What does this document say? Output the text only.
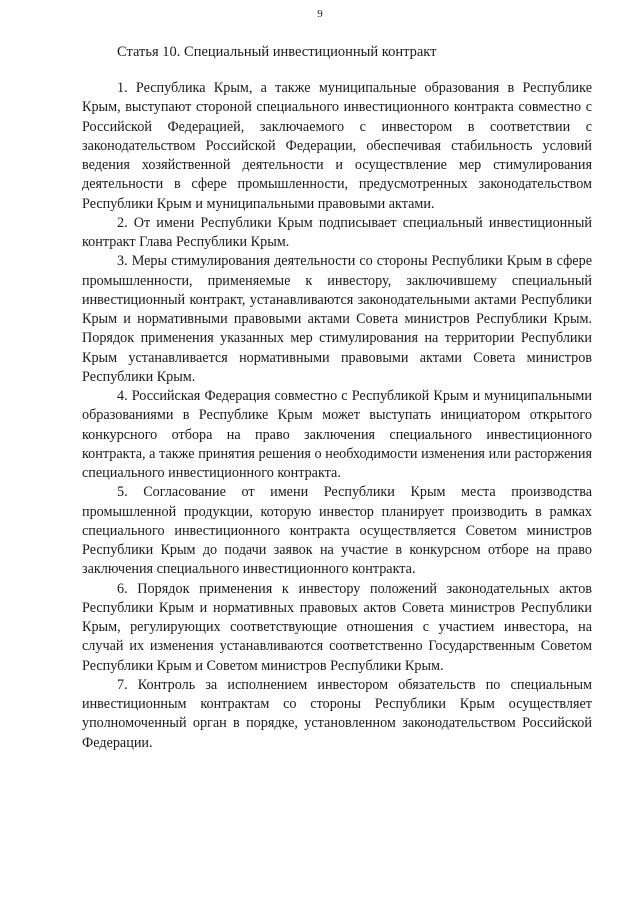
9
Статья 10. Специальный инвестиционный контракт

1. Республика Крым, а также муниципальные образования в Республике Крым, выступают стороной специального инвестиционного контракта совместно с Российской Федерацией, заключаемого с инвестором в соответствии с законодательством Российской Федерации, обеспечивая стабильность условий ведения хозяйственной деятельности и осуществление мер стимулирования деятельности в сфере промышленности, предусмотренных законодательством Республики Крым и муниципальными правовыми актами.

2. От имени Республики Крым подписывает специальный инвестиционный контракт Глава Республики Крым.

3. Меры стимулирования деятельности со стороны Республики Крым в сфере промышленности, применяемые к инвестору, заключившему специальный инвестиционный контракт, устанавливаются законодательными актами Республики Крым и нормативными правовыми актами Совета министров Республики Крым. Порядок применения указанных мер стимулирования на территории Республики Крым устанавливается нормативными правовыми актами Совета министров Республики Крым.

4. Российская Федерация совместно с Республикой Крым и муниципальными образованиями в Республике Крым может выступать инициатором открытого конкурсного отбора на право заключения специального инвестиционного контракта, а также принятия решения о необходимости изменения или расторжения специального инвестиционного контракта.

5. Согласование от имени Республики Крым места производства промышленной продукции, которую инвестор планирует производить в рамках специального инвестиционного контракта осуществляется Советом министров Республики Крым до подачи заявок на участие в конкурсном отборе на право заключения специального инвестиционного контракта.

6. Порядок применения к инвестору положений законодательных актов Республики Крым и нормативных правовых актов Совета министров Республики Крым, регулирующих соответствующие отношения с участием инвестора, на случай их изменения устанавливаются соответственно Государственным Советом Республики Крым и Советом министров Республики Крым.

7. Контроль за исполнением инвестором обязательств по специальным инвестиционным контрактам со стороны Республики Крым осуществляет уполномоченный орган в порядке, установленном законодательством Российской Федерации.
